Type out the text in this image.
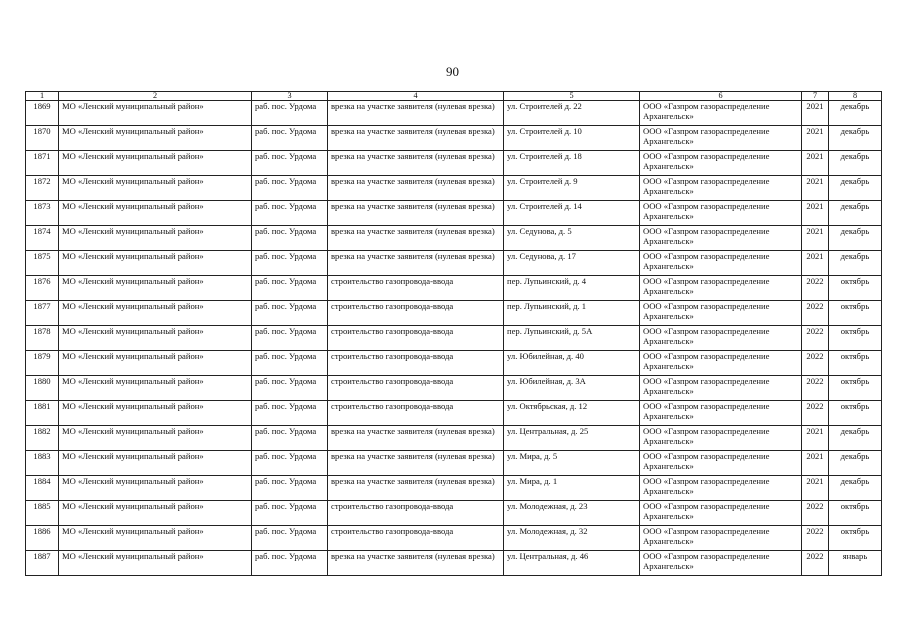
90
1	2	3	4	5	6	7	8
1869	МО «Ленский муниципальный район»	раб. пос. Урдома	врезка на участке заявителя (нулевая врезка)	ул. Строителей д. 22	ООО «Газпром газораспределение Архангельск»	2021	декабрь
1870	МО «Ленский муниципальный район»	раб. пос. Урдома	врезка на участке заявителя (нулевая врезка)	ул. Строителей д. 10	ООО «Газпром газораспределение Архангельск»	2021	декабрь
1871	МО «Ленский муниципальный район»	раб. пос. Урдома	врезка на участке заявителя (нулевая врезка)	ул. Строителей д. 18	ООО «Газпром газораспределение Архангельск»	2021	декабрь
1872	МО «Ленский муниципальный район»	раб. пос. Урдома	врезка на участке заявителя (нулевая врезка)	ул. Строителей д. 9	ООО «Газпром газораспределение Архангельск»	2021	декабрь
1873	МО «Ленский муниципальный район»	раб. пос. Урдома	врезка на участке заявителя (нулевая врезка)	ул. Строителей д. 14	ООО «Газпром газораспределение Архангельск»	2021	декабрь
1874	МО «Ленский муниципальный район»	раб. пос. Урдома	врезка на участке заявителя (нулевая врезка)	ул. Седунова, д. 5	ООО «Газпром газораспределение Архангельск»	2021	декабрь
1875	МО «Ленский муниципальный район»	раб. пос. Урдома	врезка на участке заявителя (нулевая врезка)	ул. Седунова, д. 17	ООО «Газпром газораспределение Архангельск»	2021	декабрь
1876	МО «Ленский муниципальный район»	раб. пос. Урдома	строительство газопровода-ввода	пер. Лупьинский, д. 4	ООО «Газпром газораспределение Архангельск»	2022	октябрь
1877	МО «Ленский муниципальный район»	раб. пос. Урдома	строительство газопровода-ввода	пер. Лупьинский, д. 1	ООО «Газпром газораспределение Архангельск»	2022	октябрь
1878	МО «Ленский муниципальный район»	раб. пос. Урдома	строительство газопровода-ввода	пер. Лупьинский, д. 5А	ООО «Газпром газораспределение Архангельск»	2022	октябрь
1879	МО «Ленский муниципальный район»	раб. пос. Урдома	строительство газопровода-ввода	ул. Юбилейная, д. 40	ООО «Газпром газораспределение Архангельск»	2022	октябрь
1880	МО «Ленский муниципальный район»	раб. пос. Урдома	строительство газопровода-ввода	ул. Юбилейная, д. 3А	ООО «Газпром газораспределение Архангельск»	2022	октябрь
1881	МО «Ленский муниципальный район»	раб. пос. Урдома	строительство газопровода-ввода	ул. Октябрьская, д. 12	ООО «Газпром газораспределение Архангельск»	2022	октябрь
1882	МО «Ленский муниципальный район»	раб. пос. Урдома	врезка на участке заявителя (нулевая врезка)	ул. Центральная, д. 25	ООО «Газпром газораспределение Архангельск»	2021	декабрь
1883	МО «Ленский муниципальный район»	раб. пос. Урдома	врезка на участке заявителя (нулевая врезка)	ул. Мира, д. 5	ООО «Газпром газораспределение Архангельск»	2021	декабрь
1884	МО «Ленский муниципальный район»	раб. пос. Урдома	врезка на участке заявителя (нулевая врезка)	ул. Мира, д. 1	ООО «Газпром газораспределение Архангельск»	2021	декабрь
1885	МО «Ленский муниципальный район»	раб. пос. Урдома	строительство газопровода-ввода	ул. Молодежная, д. 23	ООО «Газпром газораспределение Архангельск»	2022	октябрь
1886	МО «Ленский муниципальный район»	раб. пос. Урдома	строительство газопровода-ввода	ул. Молодежная, д. 32	ООО «Газпром газораспределение Архангельск»	2022	октябрь
1887	МО «Ленский муниципальный район»	раб. пос. Урдома	врезка на участке заявителя (нулевая врезка)	ул. Центральная, д. 46	ООО «Газпром газораспределение Архангельск»	2022	январь
